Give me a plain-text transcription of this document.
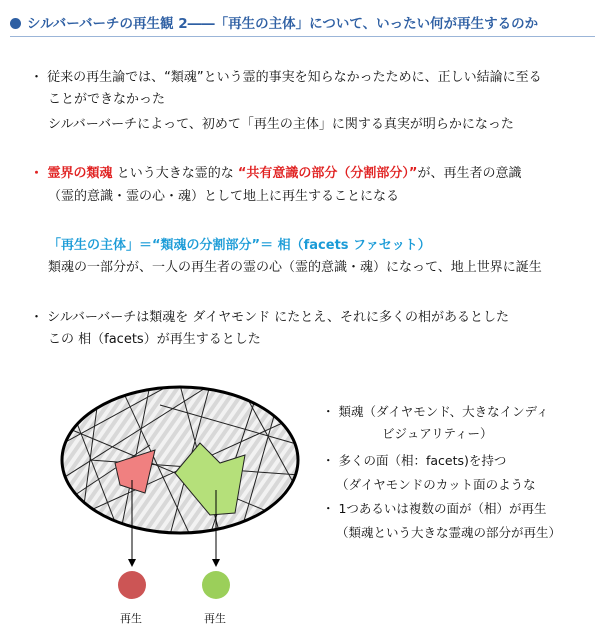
シルバーバーチの再生観 2――「再生の主体」について、いったい何が再生するのか
・ 従来の再生論では、“類魂”という霊的事実を知らなかったために、正しい結論に至る
ことができなかった
シルバーバーチによって、初めて「再生の主体」に関する真実が明らかになった
・ 霊界の類魂 という大きな霊的な “共有意識の部分（分割部分）”が、再生者の意識
（霊的意識・霊の心・魂）として地上に再生することになる
「再生の主体」＝“類魂の分割部分”＝ 相（facets ファセット）
類魂の一部分が、一人の再生者の霊の心（霊的意識・魂）になって、地上世界に誕生
・ シルバーバーチは類魂を ダイヤモンド にたとえ、それに多くの相があるとした
この 相（facets）が再生するとした
再生	再生
・ 類魂（ダイヤモンド、大きなインディ
ビジュアリティー）
・ 多くの面（相：facets)を持つ
（ダイヤモンドのカット面のような
・ 1つあるいは複数の面が（相）が再生
（類魂という大きな霊魂の部分が再生）
